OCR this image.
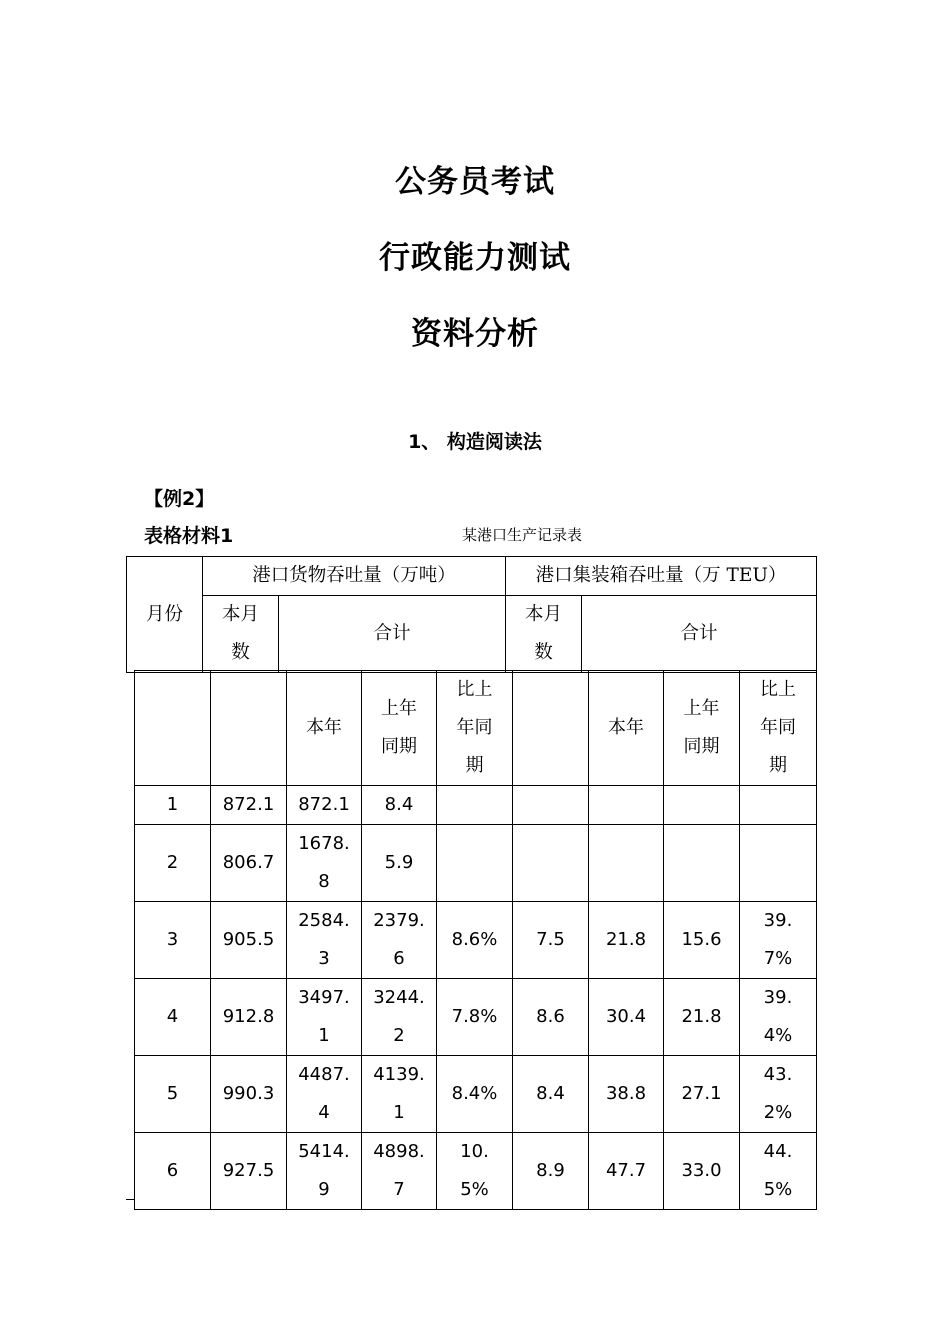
公务员考试
行政能力测试
资料分析
1、 构造阅读法
【例2】
表格材料1	某港口生产记录表
月份	港口货物吞吐量（万吨）		港口集装箱吞吐量（万 TEU）	
	本月数	合计	本月数	合计
		本年	上年同期	比上年同期		本年	上年同期	比上年同期
1	872.1	872.1	8.4					
2	806.7	1678.8	5.9					
3	905.5	2584.3	2379.6	8.6%	7.5	21.8	15.6	39.7%
4	912.8	3497.1	3244.2	7.8%	8.6	30.4	21.8	39.4%
5	990.3	4487.4	4139.1	8.4%	8.4	38.8	27.1	43.2%
6	927.5	5414.9	4898.7	10.5%	8.9	47.7	33.0	44.5%
